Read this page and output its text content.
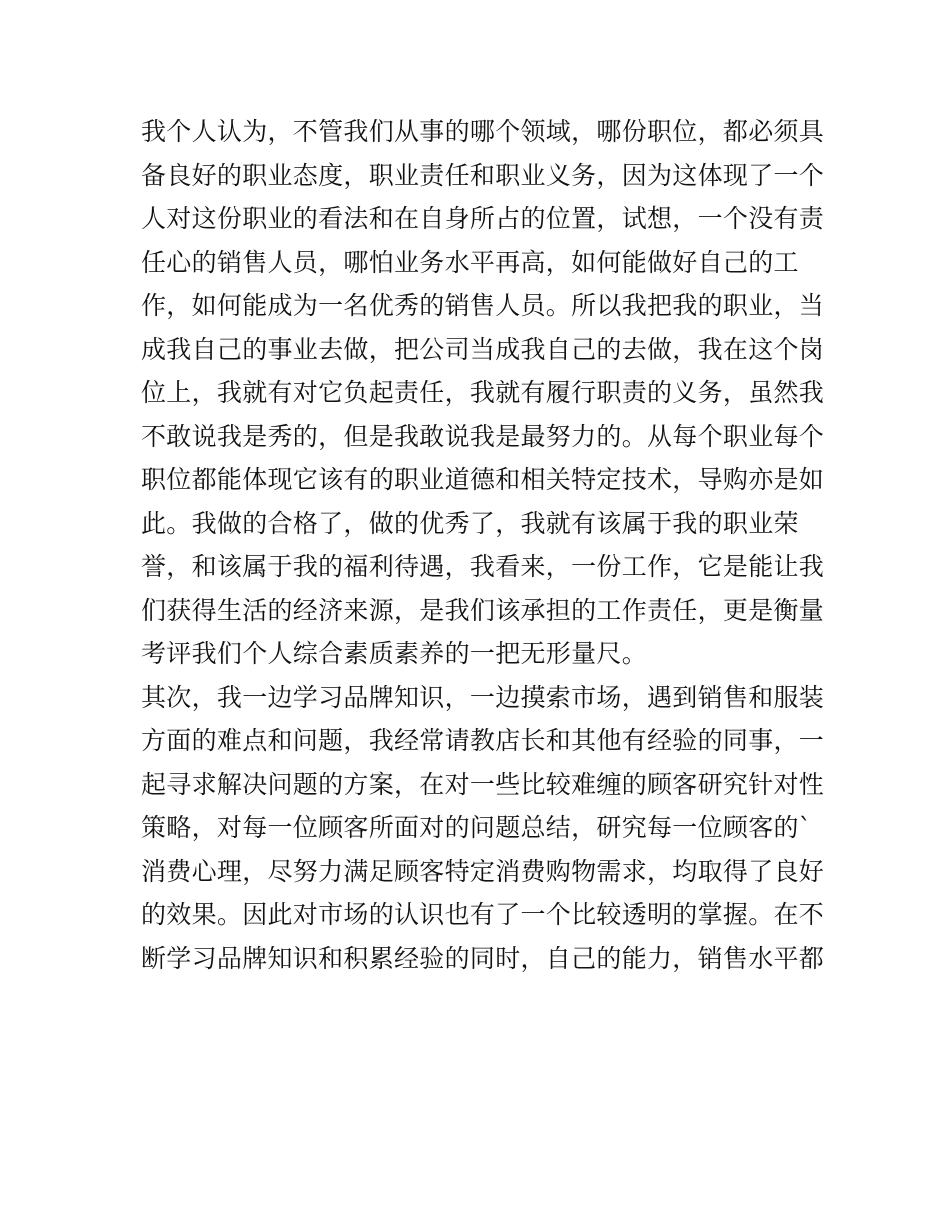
我个人认为，不管我们从事的哪个领域，哪份职位，都必须具
备良好的职业态度，职业责任和职业义务，因为这体现了一个
人对这份职业的看法和在自身所占的位置，试想，一个没有责
任心的销售人员，哪怕业务水平再高，如何能做好自己的工
作，如何能成为一名优秀的销售人员。所以我把我的职业，当
成我自己的事业去做，把公司当成我自己的去做，我在这个岗
位上，我就有对它负起责任，我就有履行职责的义务，虽然我
不敢说我是秀的，但是我敢说我是最努力的。从每个职业每个
职位都能体现它该有的职业道德和相关特定技术，导购亦是如
此。我做的合格了，做的优秀了，我就有该属于我的职业荣
誉，和该属于我的福利待遇，我看来，一份工作，它是能让我
们获得生活的经济来源，是我们该承担的工作责任，更是衡量
考评我们个人综合素质素养的一把无形量尺。
其次，我一边学习品牌知识，一边摸索市场，遇到销售和服装
方面的难点和问题，我经常请教店长和其他有经验的同事，一
起寻求解决问题的方案，在对一些比较难缠的顾客研究针对性
策略，对每一位顾客所面对的问题总结，研究每一位顾客的`
消费心理，尽努力满足顾客特定消费购物需求，均取得了良好
的效果。因此对市场的认识也有了一个比较透明的掌握。在不
断学习品牌知识和积累经验的同时，自己的能力，销售水平都
